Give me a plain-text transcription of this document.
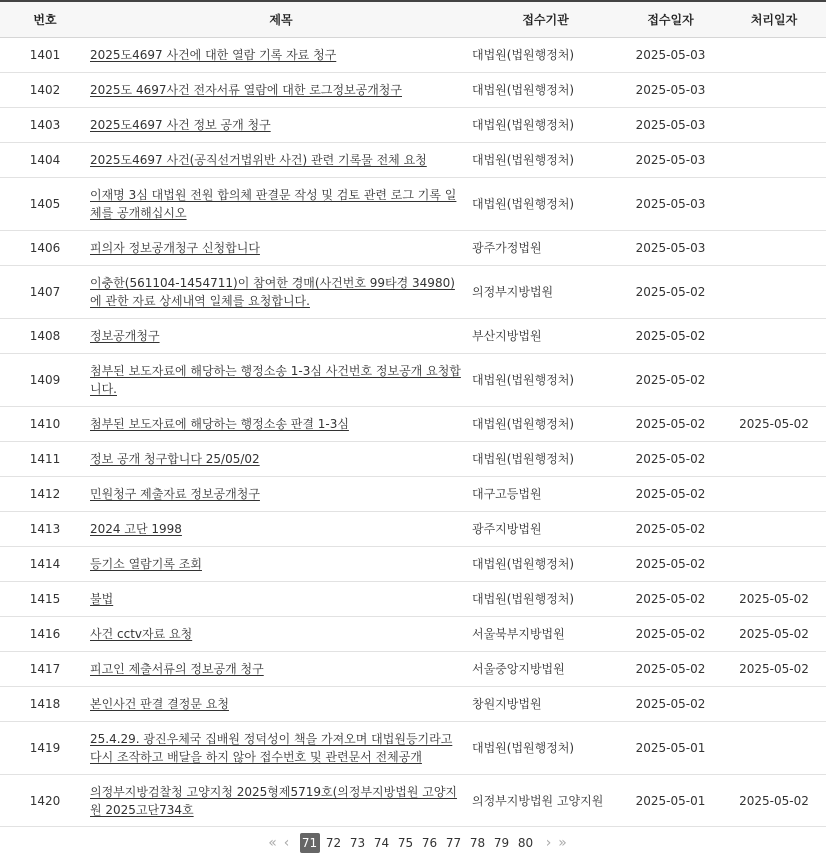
번호	제목	접수기관	접수일자	처리일자
1401	2025도4697 사건에 대한 열람 기록 자료 청구	대법원(법원행정처)	2025-05-03	
1402	2025도 4697사건 전자서류 열람에 대한 로그정보공개청구	대법원(법원행정처)	2025-05-03	
1403	2025도4697 사건 정보 공개 청구	대법원(법원행정처)	2025-05-03	
1404	2025도4697 사건(공직선거법위반 사건) 관련 기록물 전체 요청	대법원(법원행정처)	2025-05-03	
1405	이재명 3심 대법원 전원 합의체 판결문 작성 및 검토 관련 로그 기록 일체를 공개해십시오	대법원(법원행정처)	2025-05-03	
1406	피의자 정보공개청구 신청합니다	광주가정법원	2025-05-03	
1407	이충한(561104-1454711)이 참여한 경매(사건번호 99타경 34980)에 관한 자료 상세내역 일체를 요청합니다.	의정부지방법원	2025-05-02	
1408	정보공개청구	부산지방법원	2025-05-02	
1409	첨부된 보도자료에 해당하는 행정소송 1-3심 사건번호 정보공개 요청합니다.	대법원(법원행정처)	2025-05-02	
1410	첨부된 보도자료에 해당하는 행정소송 판결 1-3심	대법원(법원행정처)	2025-05-02	2025-05-02
1411	정보 공개 청구합니다 25/05/02	대법원(법원행정처)	2025-05-02	
1412	민원청구 제출자료 정보공개청구	대구고등법원	2025-05-02	
1413	2024 고단 1998	광주지방법원	2025-05-02	
1414	등기소 열람기록 조회	대법원(법원행정처)	2025-05-02	
1415	불법	대법원(법원행정처)	2025-05-02	2025-05-02
1416	사건 cctv자료 요청	서울북부지방법원	2025-05-02	2025-05-02
1417	피고인 제출서류의 정보공개 청구	서울중앙지방법원	2025-05-02	2025-05-02
1418	본인사건 판결 결정문 요청	창원지방법원	2025-05-02	
1419	25.4.29. 광진우체국 집배원 정덕성이 책을 가져오며 대법원등기라고 다시 조작하고 배달을 하지 않아 접수번호 및 관련문서 전체공개	대법원(법원행정처)	2025-05-01	
1420	의정부지방검찰청 고양지청 2025형제5719호(의정부지방법원 고양지원 2025고단734호	의정부지방법원 고양지원	2025-05-01	2025-05-02
« ‹	71 72 73 74 75 76 77 78 79 80 › »
